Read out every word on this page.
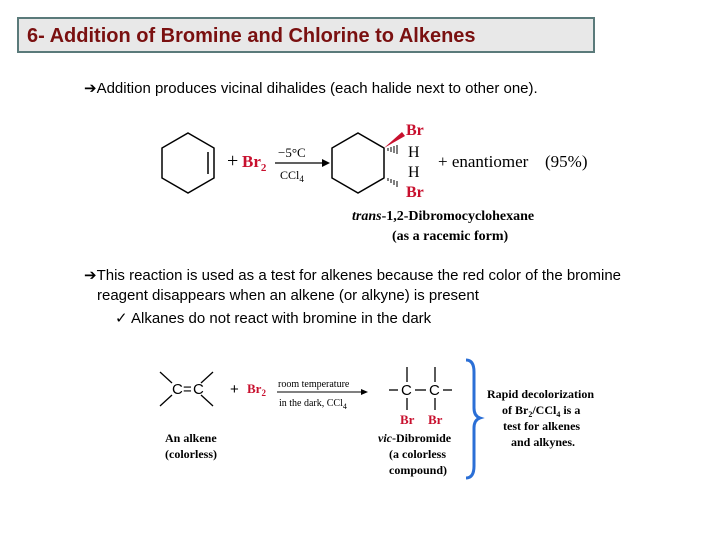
6- Addition of Bromine and Chlorine to Alkenes
➔Addition produces vicinal dihalides (each halide next to other one).
+ $Br_2$
−5°C
CCl$_4$
Br
H
H
Br
+ enantiomer (95%)
trans-1,2-Dibromocyclohexane
(as a racemic form)
➔This reaction is used as a test for alkenes because the red color of the bromine
reagent disappears when an alkene (or alkyne) is present
✓ Alkanes do not react with bromine in the dark
$C = C + Br_2$
room temperature
in the dark, CCl$_4$
C C
Br Br
An alkene
(colorless)
vic-Dibromide
(a colorless
compound)
Rapid decolorization
of $Br_2/CCl_4$ is a
test for alkenes
and alkynes.
